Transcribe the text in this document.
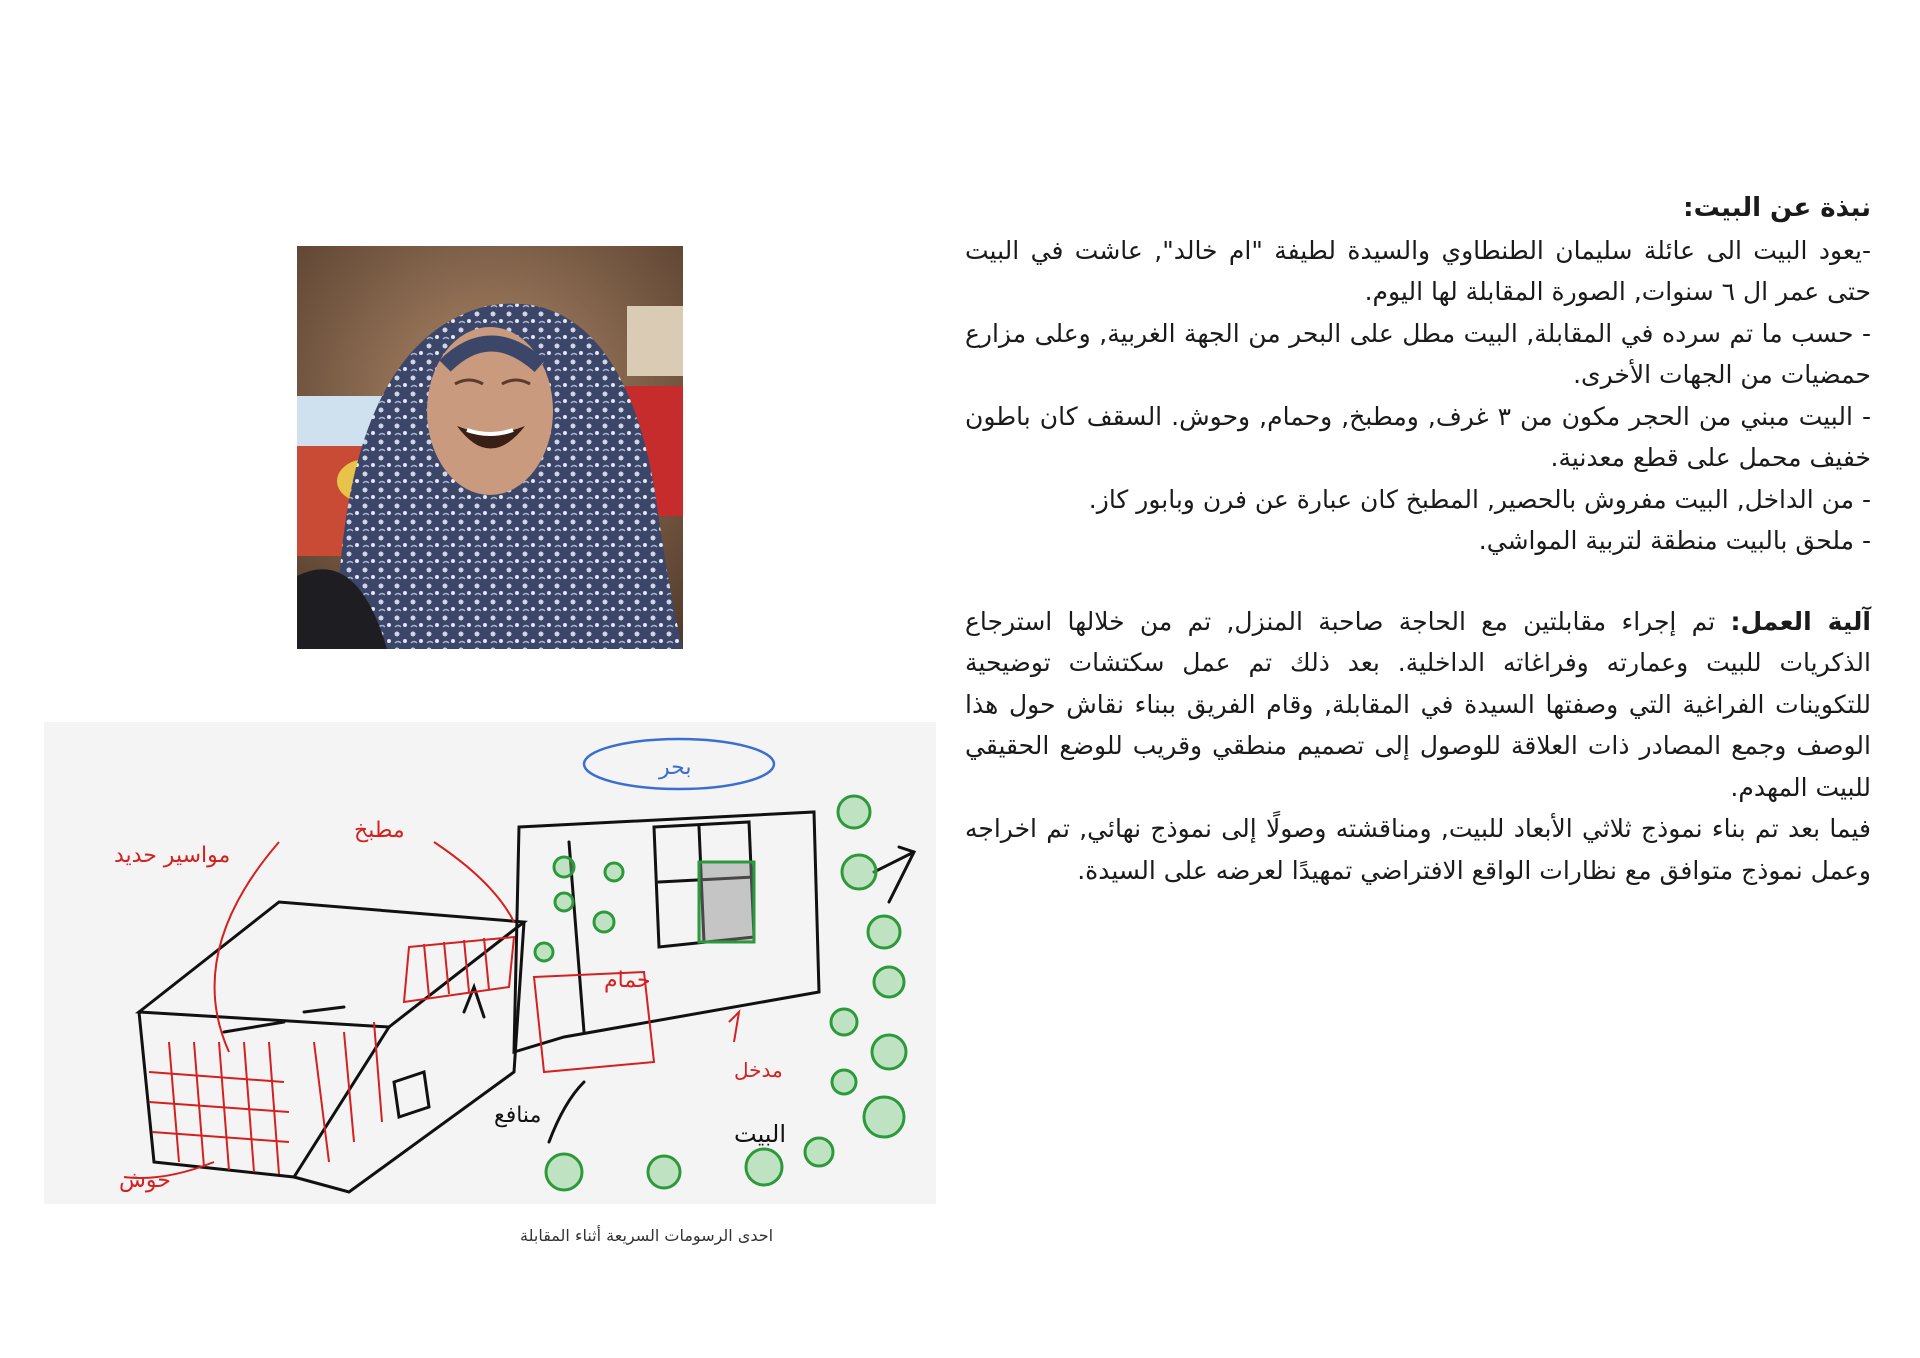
نبذة عن البيت:

-يعود البيت الى عائلة سليمان الطنطاوي والسيدة لطيفة "ام خالد", عاشت في البيت حتى عمر ال ٦ سنوات, الصورة المقابلة لها اليوم.

- حسب ما تم سرده في المقابلة, البيت مطل على البحر من الجهة الغربية, وعلى مزارع حمضيات من الجهات الأخرى.

- البيت مبني من الحجر مكون من ٣ غرف, ومطبخ, وحمام, وحوش. السقف كان باطون خفيف محمل على قطع معدنية.

- من الداخل, البيت مفروش بالحصير, المطبخ كان عبارة عن فرن وبابور كاز.

- ملحق بالبيت منطقة لتربية المواشي.

آلية العمل: تم إجراء مقابلتين مع الحاجة صاحبة المنزل, تم من خلالها استرجاع الذكريات للبيت وعمارته وفراغاته الداخلية. بعد ذلك تم عمل سكتشات توضيحية للتكوينات الفراغية التي وصفتها السيدة في المقابلة, وقام الفريق ببناء نقاش حول هذا الوصف وجمع المصادر ذات العلاقة للوصول إلى تصميم منطقي وقريب للوضع الحقيقي للبيت المهدم.

فيما بعد تم بناء نموذج ثلاثي الأبعاد للبيت, ومناقشته وصولًا إلى نموذج نهائي, تم اخراجه وعمل نموذج متوافق مع نظارات الواقع الافتراضي تمهيدًا لعرضه على السيدة.

مواسير حديد
مطبخ
حمام
مدخل
حوش
بحر
البيت
منافع
احدى الرسومات السريعة أثناء المقابلة
